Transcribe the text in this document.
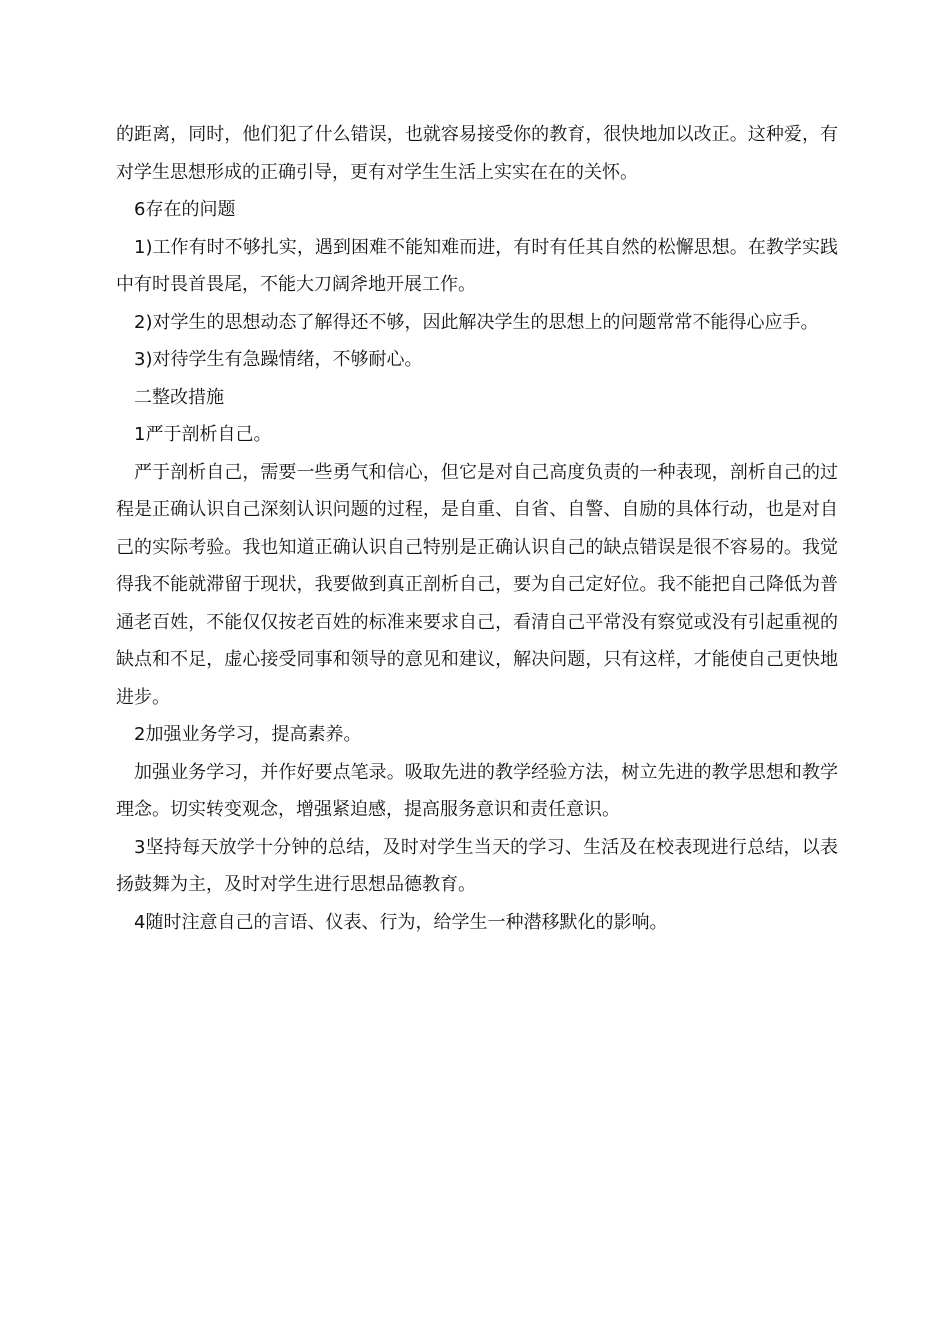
的距离，同时，他们犯了什么错误，也就容易接受你的教育，很快地加以改正。这种爱，有对学生思想形成的正确引导，更有对学生生活上实实在在的关怀。

6存在的问题

1)工作有时不够扎实，遇到困难不能知难而进，有时有任其自然的松懈思想。在教学实践中有时畏首畏尾，不能大刀阔斧地开展工作。

2)对学生的思想动态了解得还不够，因此解决学生的思想上的问题常常不能得心应手。

3)对待学生有急躁情绪，不够耐心。

二整改措施

1严于剖析自己。

严于剖析自己，需要一些勇气和信心，但它是对自己高度负责的一种表现，剖析自己的过程是正确认识自己深刻认识问题的过程，是自重、自省、自警、自励的具体行动，也是对自己的实际考验。我也知道正确认识自己特别是正确认识自己的缺点错误是很不容易的。我觉得我不能就滞留于现状，我要做到真正剖析自己，要为自己定好位。我不能把自己降低为普通老百姓，不能仅仅按老百姓的标准来要求自己，看清自己平常没有察觉或没有引起重视的缺点和不足，虚心接受同事和领导的意见和建议，解决问题，只有这样，才能使自己更快地进步。

2加强业务学习，提高素养。

加强业务学习，并作好要点笔录。吸取先进的教学经验方法，树立先进的教学思想和教学理念。切实转变观念，增强紧迫感，提高服务意识和责任意识。

3坚持每天放学十分钟的总结，及时对学生当天的学习、生活及在校表现进行总结，以表扬鼓舞为主，及时对学生进行思想品德教育。

4随时注意自己的言语、仪表、行为，给学生一种潜移默化的影响。
